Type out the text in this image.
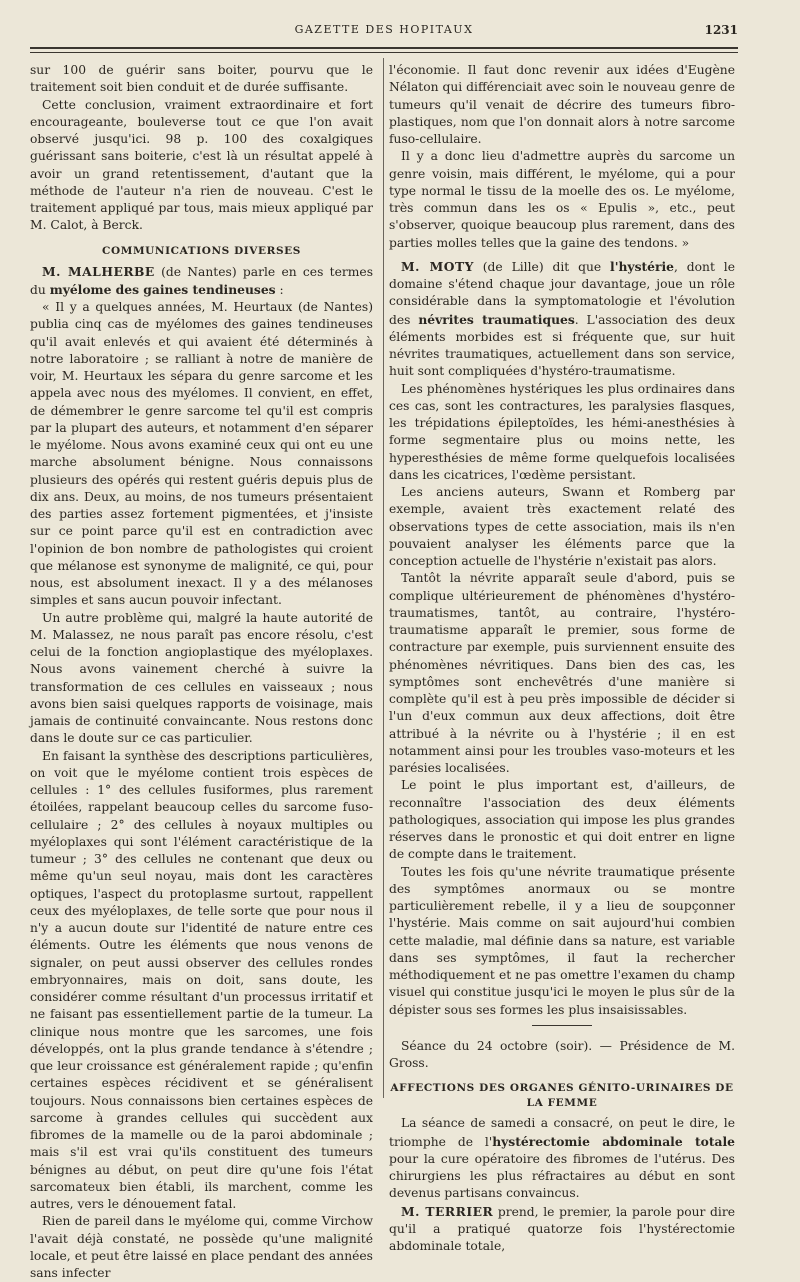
GAZETTE DES HOPITAUX	1231

sur 100 de guérir sans boiter, pourvu que le traitement soit bien conduit et de durée suffisante.

Cette conclusion, vraiment extraordinaire et fort encourageante, bouleverse tout ce que l'on avait observé jusqu'ici. 98 p. 100 des coxalgiques guérissant sans boiterie, c'est là un résultat appelé à avoir un grand retentissement, d'autant que la méthode de l'auteur n'a rien de nouveau. C'est le traitement appliqué par tous, mais mieux appliqué par M. Calot, à Berck.

COMMUNICATIONS DIVERSES

M. MALHERBE (de Nantes) parle en ces termes du myélome des gaines tendineuses :

« Il y a quelques années, M. Heurtaux (de Nantes) publia cinq cas de myélomes des gaines tendineuses qu'il avait enlevés et qui avaient été déterminés à notre laboratoire ; se ralliant à notre de manière de voir, M. Heurtaux les sépara du genre sarcome et les appela avec nous des myélomes. Il convient, en effet, de démembrer le genre sarcome tel qu'il est compris par la plupart des auteurs, et notamment d'en séparer le myélome. Nous avons examiné ceux qui ont eu une marche absolument bénigne. Nous connaissons plusieurs des opérés qui restent guéris depuis plus de dix ans. Deux, au moins, de nos tumeurs présentaient des parties assez fortement pigmentées, et j'insiste sur ce point parce qu'il est en contradiction avec l'opinion de bon nombre de pathologistes qui croient que mélanose est synonyme de malignité, ce qui, pour nous, est absolument inexact. Il y a des mélanoses simples et sans aucun pouvoir infectant.

Un autre problème qui, malgré la haute autorité de M. Malassez, ne nous paraît pas encore résolu, c'est celui de la fonction angioplastique des myéloplaxes. Nous avons vainement cherché à suivre la transformation de ces cellules en vaisseaux ; nous avons bien saisi quelques rapports de voisinage, mais jamais de continuité convaincante. Nous restons donc dans le doute sur ce cas particulier.

En faisant la synthèse des descriptions particulières, on voit que le myélome contient trois espèces de cellules : 1° des cellules fusiformes, plus rarement étoilées, rappelant beaucoup celles du sarcome fuso-cellulaire ; 2° des cellules à noyaux multiples ou myéloplaxes qui sont l'élément caractéristique de la tumeur ; 3° des cellules ne contenant que deux ou même qu'un seul noyau, mais dont les caractères optiques, l'aspect du protoplasme surtout, rappellent ceux des myéloplaxes, de telle sorte que pour nous il n'y a aucun doute sur l'identité de nature entre ces éléments. Outre les éléments que nous venons de signaler, on peut aussi observer des cellules rondes embryonnaires, mais on doit, sans doute, les considérer comme résultant d'un processus irritatif et ne faisant pas essentiellement partie de la tumeur. La clinique nous montre que les sarcomes, une fois développés, ont la plus grande tendance à s'étendre ; que leur croissance est généralement rapide ; qu'enfin certaines espèces récidivent et se généralisent toujours. Nous connaissons bien certaines espèces de sarcome à grandes cellules qui succèdent aux fibromes de la mamelle ou de la paroi abdominale ; mais s'il est vrai qu'ils constituent des tumeurs bénignes au début, on peut dire qu'une fois l'état sarcomateux bien établi, ils marchent, comme les autres, vers le dénouement fatal.

Rien de pareil dans le myélome qui, comme Virchow l'avait déjà constaté, ne possède qu'une malignité locale, et peut être laissé en place pendant des années sans infecter

l'économie. Il faut donc revenir aux idées d'Eugène Nélaton qui différenciait avec soin le nouveau genre de tumeurs qu'il venait de décrire des tumeurs fibro-plastiques, nom que l'on donnait alors à notre sarcome fuso-cellulaire.

Il y a donc lieu d'admettre auprès du sarcome un genre voisin, mais différent, le myélome, qui a pour type normal le tissu de la moelle des os. Le myélome, très commun dans les os « Epulis », etc., peut s'observer, quoique beaucoup plus rarement, dans des parties molles telles que la gaine des tendons. »

M. MOTY (de Lille) dit que l'hystérie, dont le domaine s'étend chaque jour davantage, joue un rôle considérable dans la symptomatologie et l'évolution des névrites traumatiques. L'association des deux éléments morbides est si fréquente que, sur huit névrites traumatiques, actuellement dans son service, huit sont compliquées d'hystéro-traumatisme.

Les phénomènes hystériques les plus ordinaires dans ces cas, sont les contractures, les paralysies flasques, les trépidations épileptoïdes, les hémi-anesthésies à forme segmentaire plus ou moins nette, les hyperesthésies de même forme quelquefois localisées dans les cicatrices, l'œdème persistant.

Les anciens auteurs, Swann et Romberg par exemple, avaient très exactement relaté des observations types de cette association, mais ils n'en pouvaient analyser les éléments parce que la conception actuelle de l'hystérie n'existait pas alors.

Tantôt la névrite apparaît seule d'abord, puis se complique ultérieurement de phénomènes d'hystéro-traumatismes, tantôt, au contraire, l'hystéro-traumatisme apparaît le premier, sous forme de contracture par exemple, puis surviennent ensuite des phénomènes névritiques. Dans bien des cas, les symptômes sont enchevêtrés d'une manière si complète qu'il est à peu près impossible de décider si l'un d'eux commun aux deux affections, doit être attribué à la névrite ou à l'hystérie ; il en est notamment ainsi pour les troubles vaso-moteurs et les parésies localisées.

Le point le plus important est, d'ailleurs, de reconnaître l'association des deux éléments pathologiques, association qui impose les plus grandes réserves dans le pronostic et qui doit entrer en ligne de compte dans le traitement.

Toutes les fois qu'une névrite traumatique présente des symptômes anormaux ou se montre particulièrement rebelle, il y a lieu de soupçonner l'hystérie. Mais comme on sait aujourd'hui combien cette maladie, mal définie dans sa nature, est variable dans ses symptômes, il faut la rechercher méthodiquement et ne pas omettre l'examen du champ visuel qui constitue jusqu'ici le moyen le plus sûr de la dépister sous ses formes les plus insaisissables.

Séance du 24 octobre (soir). — Présidence de M. Gross.

AFFECTIONS DES ORGANES GÉNITO-URINAIRES DE LA FEMME

La séance de samedi a consacré, on peut le dire, le triomphe de l'hystérectomie abdominale totale pour la cure opératoire des fibromes de l'utérus. Des chirurgiens les plus réfractaires au début en sont devenus partisans convaincus.

M. TERRIER prend, le premier, la parole pour dire qu'il a pratiqué quatorze fois l'hystérectomie abdominale totale,
